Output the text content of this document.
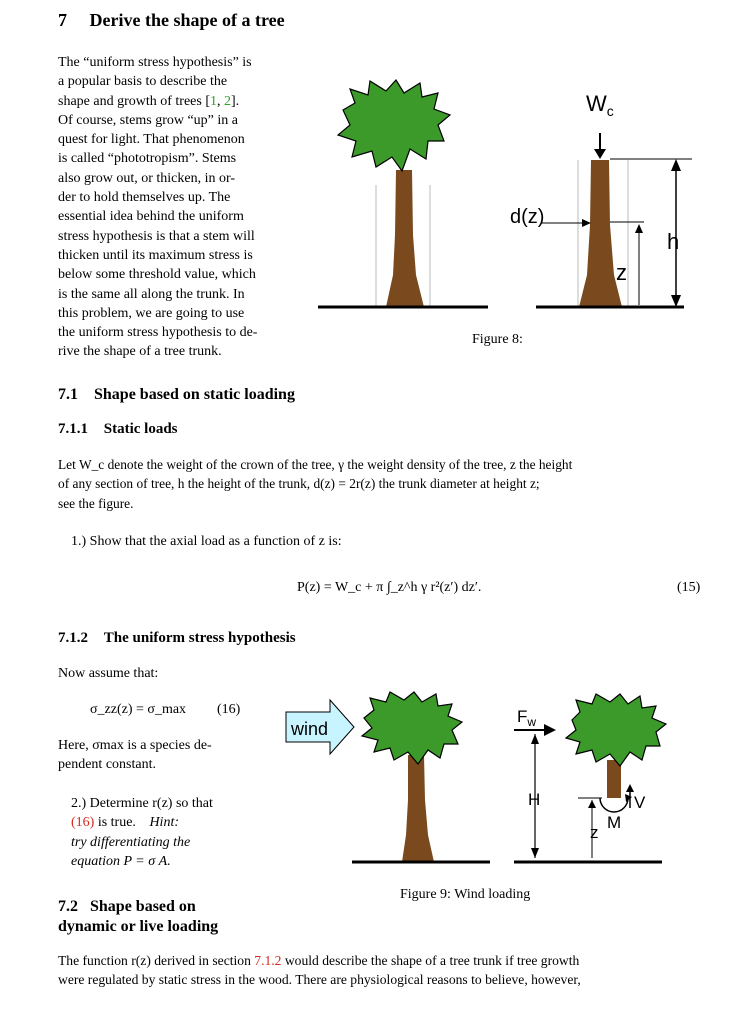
7 Derive the shape of a tree
The “uniform stress hypothesis” is
a popular basis to describe the
shape and growth of trees [1, 2].
Of course, stems grow “up” in a
quest for light. That phenomenon
is called “phototropism”. Stems
also grow out, or thicken, in or-
der to hold themselves up. The
essential idea behind the uniform
stress hypothesis is that a stem will
thicken until its maximum stress is
below some threshold value, which
is the same all along the trunk. In
this problem, we are going to use
the uniform stress hypothesis to de-
rive the shape of a tree trunk.
$W_c$
d(z)
h
z
Figure 8:
7.1 Shape based on static loading
7.1.1 Static loads
Let W_c denote the weight of the crown of the tree, γ the weight density of the tree, z the height
of any section of tree, h the height of the trunk, d(z) = 2r(z) the trunk diameter at height z;
see the figure.
1.) Show that the axial load as a function of z is:
P(z) = W_c + π ∫_z^h γ r²(z′) dz′.	(15)
7.1.2 The uniform stress hypothesis
Now assume that:
σ_zz(z) = σ_max (16)
Here, σmax is a species de-
pendent constant.
2.) Determine r(z) so that
(16) is true. Hint:
try differentiating the
equation P = σ A.
wind
$F_w$
H
z
M
V
Figure 9: Wind loading
7.2 Shape based on
dynamic or live loading
The function r(z) derived in section 7.1.2 would describe the shape of a tree trunk if tree growth
were regulated by static stress in the wood. There are physiological reasons to believe, however,
